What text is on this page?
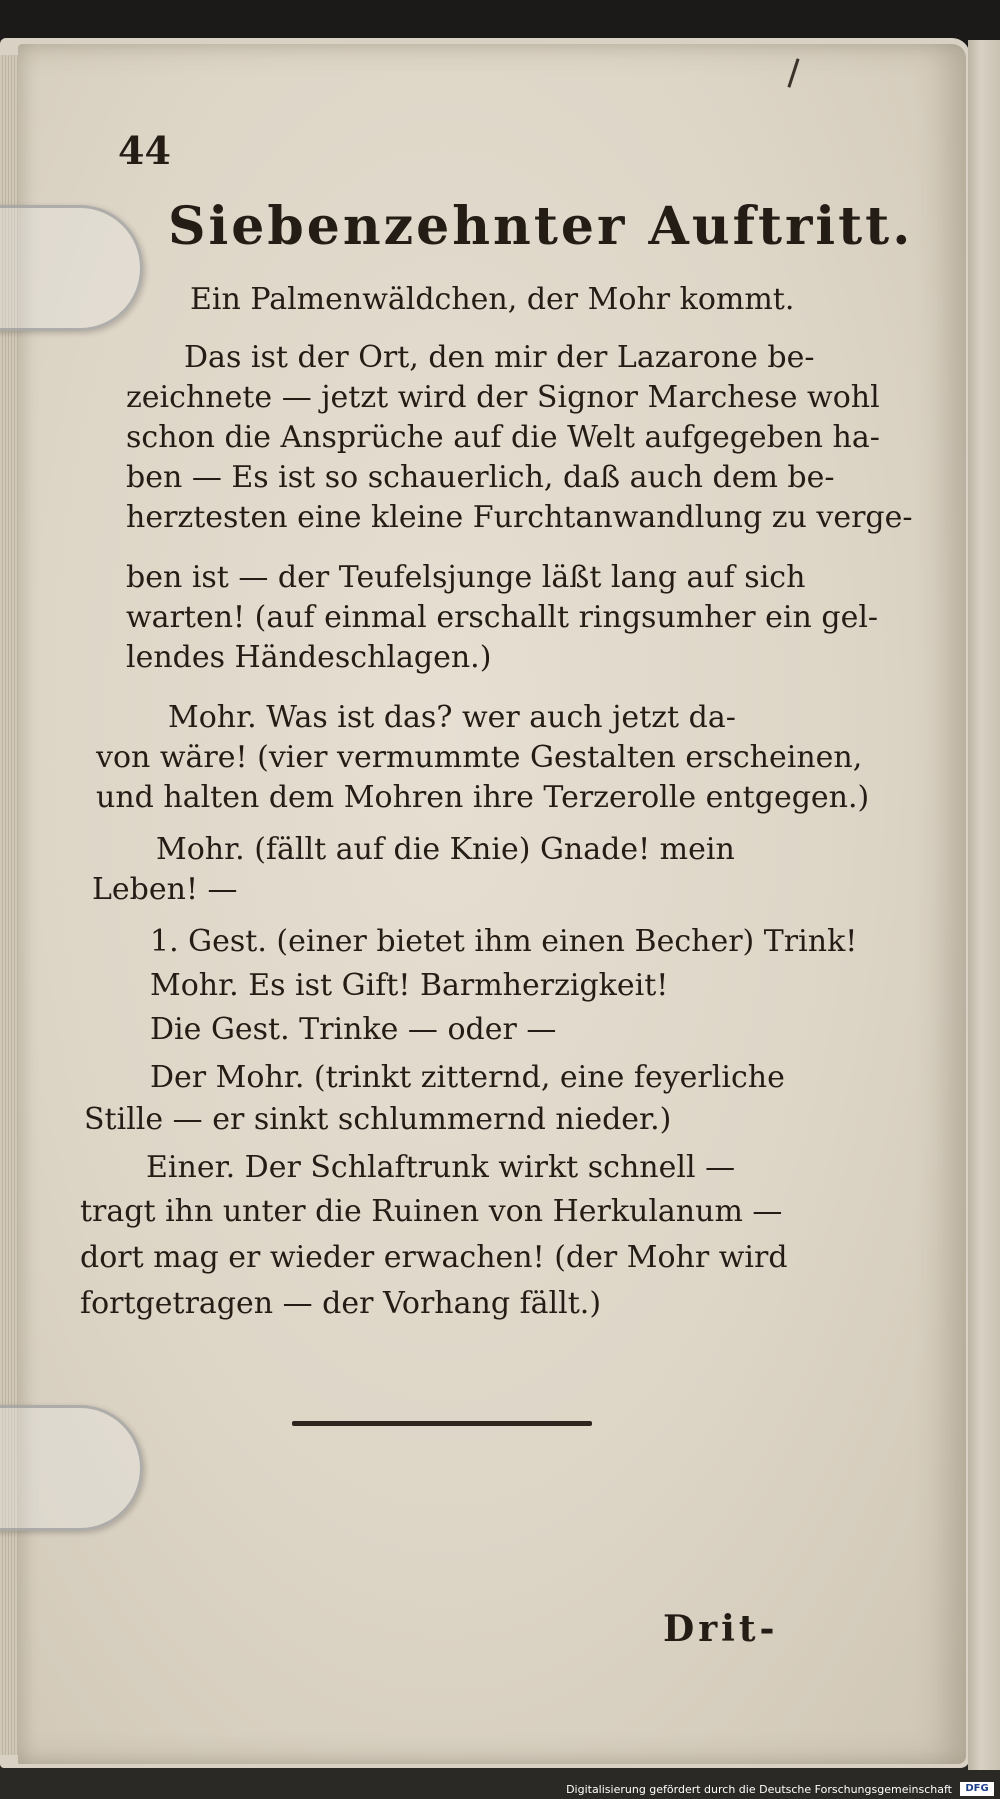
44
Siebenzehnter Auftritt.
Ein Palmenwäldchen, der Mohr kommt.
Das ist der Ort, den mir der Lazarone be-
zeichnete — jetzt wird der Signor Marchese wohl
schon die Ansprüche auf die Welt aufgegeben ha-
ben — Es ist so schauerlich, daß auch dem be-
herztesten eine kleine Furchtanwandlung zu verge-
ben ist — der Teufelsjunge läßt lang auf sich
warten! (auf einmal erschallt ringsumher ein gel-
lendes Händeschlagen.)
Mohr. Was ist das? wer auch jetzt da-
von wäre! (vier vermummte Gestalten erscheinen,
und halten dem Mohren ihre Terzerolle entgegen.)
Mohr. (fällt auf die Knie) Gnade! mein
Leben! —
1. Gest. (einer bietet ihm einen Becher) Trink!
Mohr. Es ist Gift! Barmherzigkeit!
Die Gest. Trinke — oder —
Der Mohr. (trinkt zitternd, eine feyerliche
Stille — er sinkt schlummernd nieder.)
Einer. Der Schlaftrunk wirkt schnell —
tragt ihn unter die Ruinen von Herkulanum —
dort mag er wieder erwachen! (der Mohr wird
fortgetragen — der Vorhang fällt.)
Drit-
Digitalisierung gefördert durch die Deutsche Forschungsgemeinschaft	DFG
